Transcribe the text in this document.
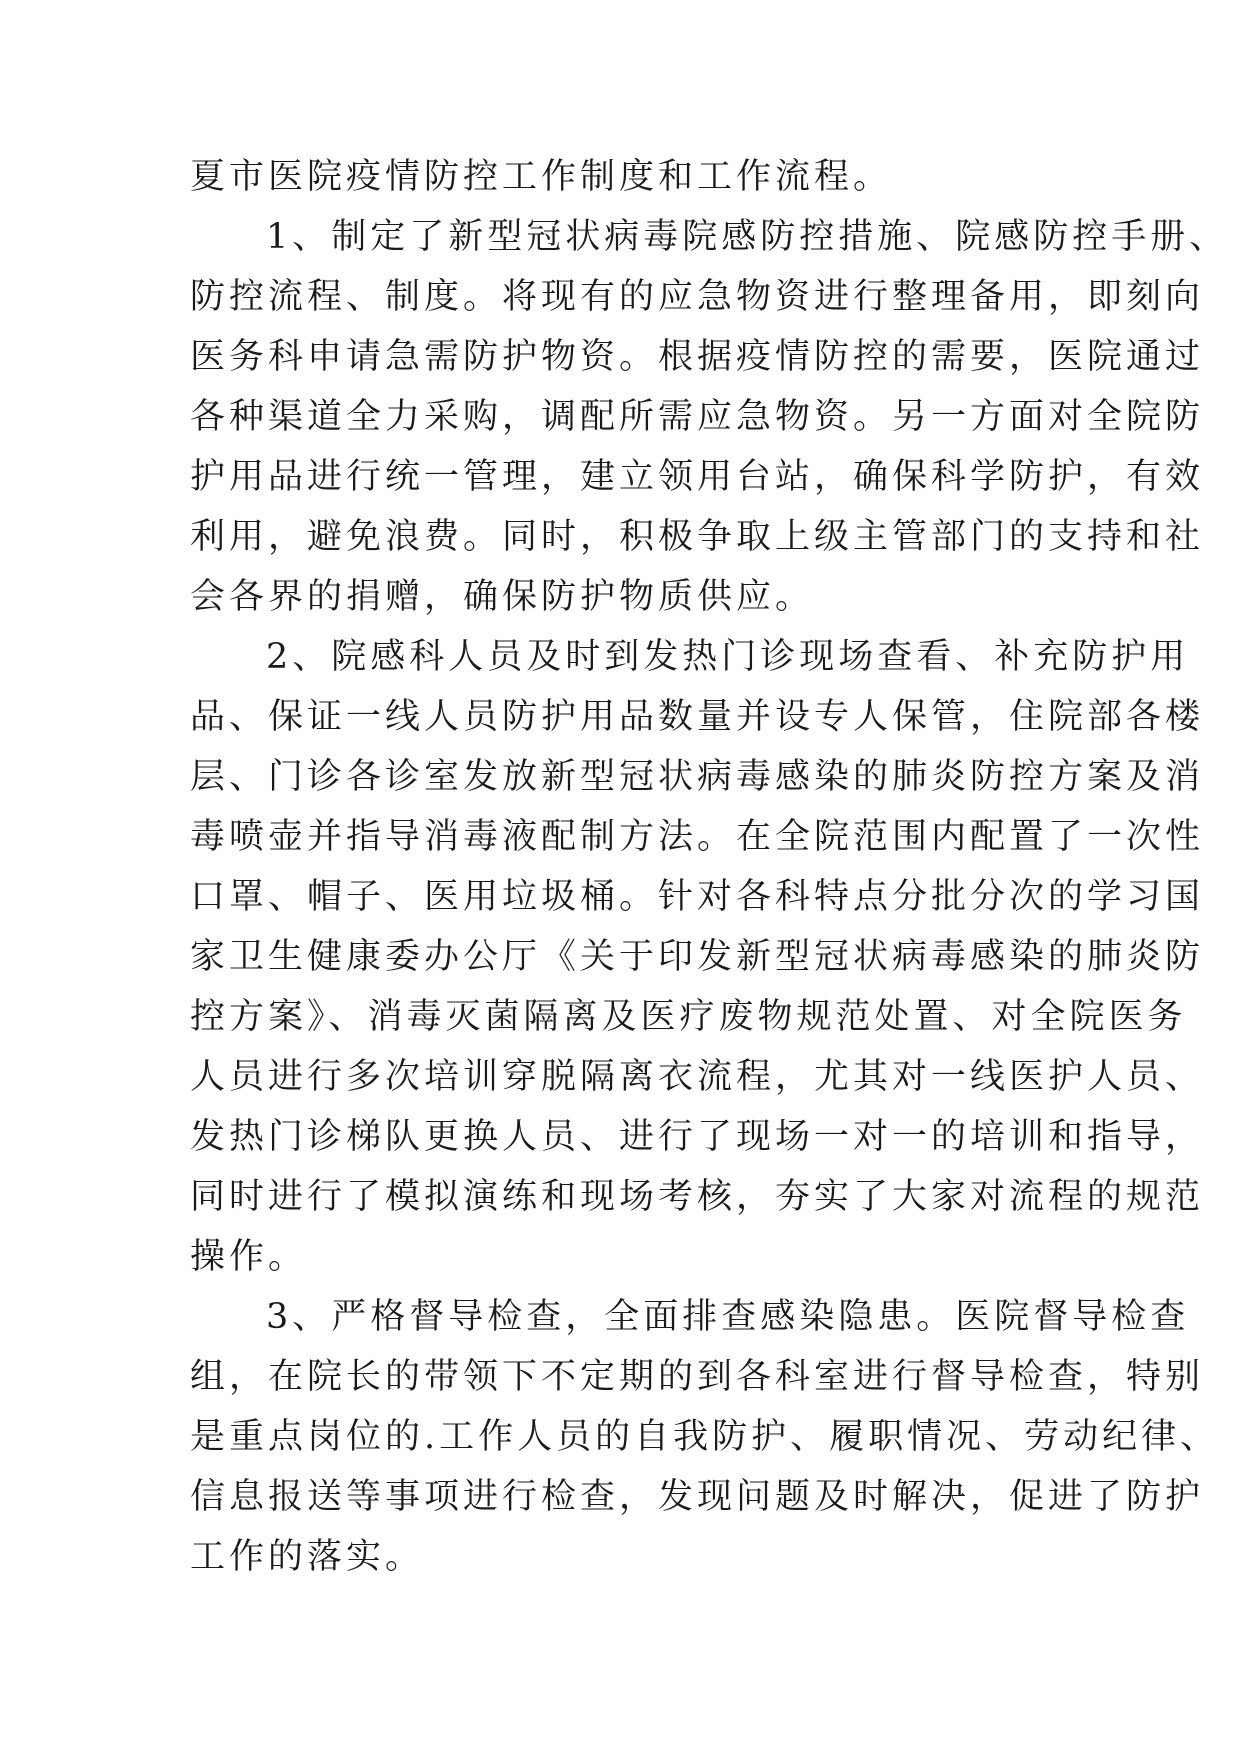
夏市医院疫情防控工作制度和工作流程。
1、制定了新型冠状病毒院感防控措施、院感防控手册、
防控流程、制度。将现有的应急物资进行整理备用，即刻向
医务科申请急需防护物资。根据疫情防控的需要，医院通过
各种渠道全力采购，调配所需应急物资。另一方面对全院防
护用品进行统一管理，建立领用台站，确保科学防护，有效
利用，避免浪费。同时，积极争取上级主管部门的支持和社
会各界的捐赠，确保防护物质供应。
2、院感科人员及时到发热门诊现场查看、补充防护用
品、保证一线人员防护用品数量并设专人保管，住院部各楼
层、门诊各诊室发放新型冠状病毒感染的肺炎防控方案及消
毒喷壶并指导消毒液配制方法。在全院范围内配置了一次性
口罩、帽子、医用垃圾桶。针对各科特点分批分次的学习国
家卫生健康委办公厅《关于印发新型冠状病毒感染的肺炎防
控方案》、消毒灭菌隔离及医疗废物规范处置、对全院医务
人员进行多次培训穿脱隔离衣流程，尤其对一线医护人员、
发热门诊梯队更换人员、进行了现场一对一的培训和指导，
同时进行了模拟演练和现场考核，夯实了大家对流程的规范
操作。
3、严格督导检查，全面排查感染隐患。医院督导检查
组，在院长的带领下不定期的到各科室进行督导检查，特别
是重点岗位的.工作人员的自我防护、履职情况、劳动纪律、
信息报送等事项进行检查，发现问题及时解决，促进了防护
工作的落实。
